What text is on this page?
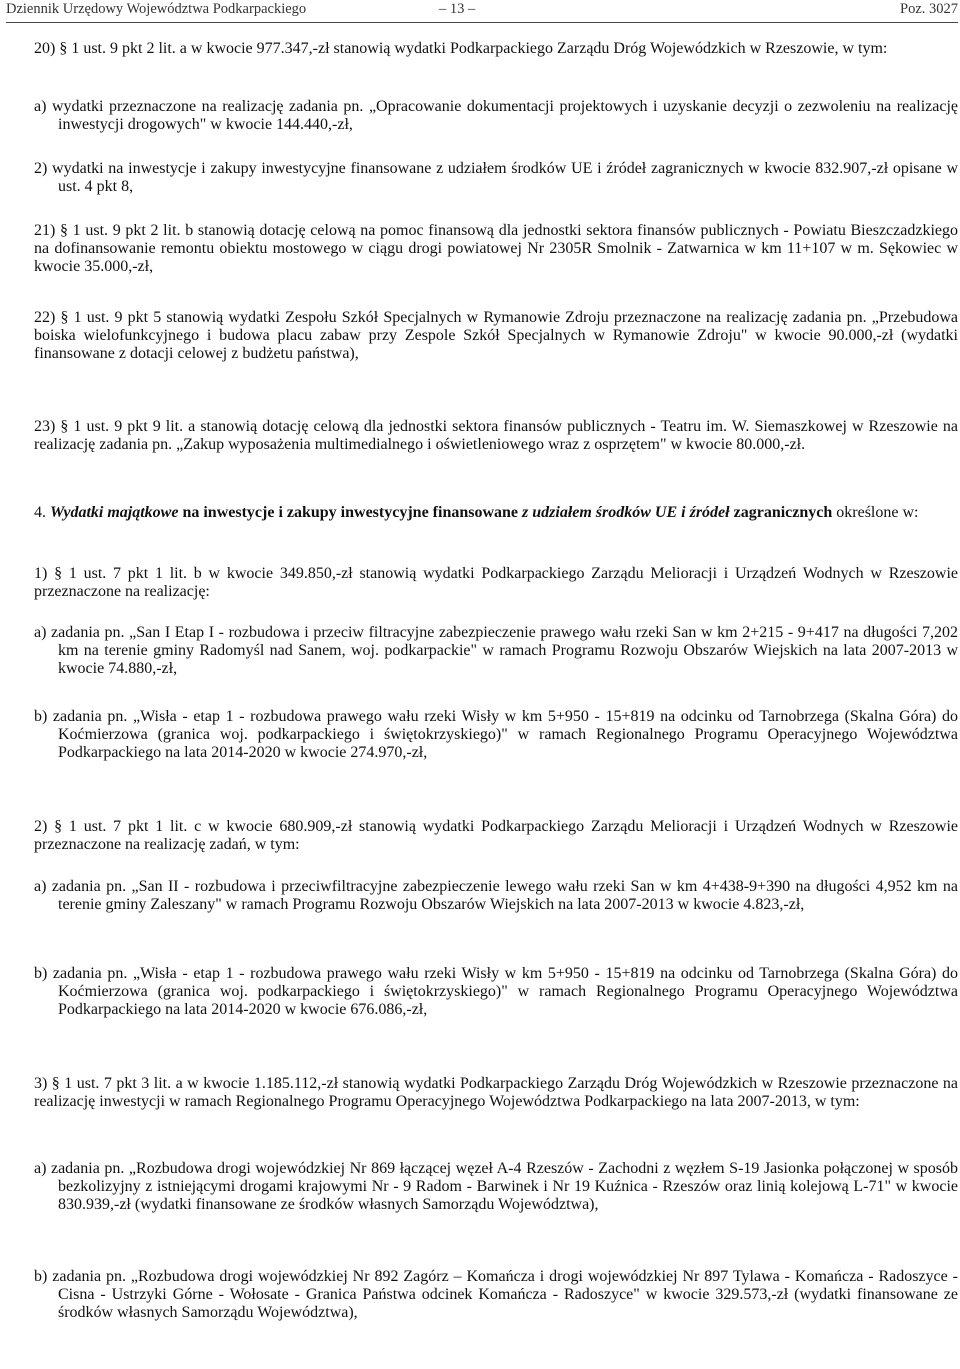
Dziennik Urzędowy Województwa Podkarpackiego	– 13 –	Poz. 3027

20) § 1 ust. 9 pkt 2 lit. a w kwocie 977.347,-zł stanowią wydatki Podkarpackiego Zarządu Dróg Wojewódzkich w Rzeszowie, w tym:

a) wydatki przeznaczone na realizację zadania pn. „Opracowanie dokumentacji projektowych i uzyskanie decyzji o zezwoleniu na realizację inwestycji drogowych" w kwocie 144.440,-zł,

2) wydatki na inwestycje i zakupy inwestycyjne finansowane z udziałem środków UE i źródeł zagranicznych w kwocie 832.907,-zł opisane w ust. 4 pkt 8,

21) § 1 ust. 9 pkt 2 lit. b stanowią dotację celową na pomoc finansową dla jednostki sektora finansów publicznych - Powiatu Bieszczadzkiego na dofinansowanie remontu obiektu mostowego w ciągu drogi powiatowej Nr 2305R Smolnik - Zatwarnica w km 11+107 w m. Sękowiec w kwocie 35.000,-zł,

22) § 1 ust. 9 pkt 5 stanowią wydatki Zespołu Szkół Specjalnych w Rymanowie Zdroju przeznaczone na realizację zadania pn. „Przebudowa boiska wielofunkcyjnego i budowa placu zabaw przy Zespole Szkół Specjalnych w Rymanowie Zdroju" w kwocie 90.000,-zł (wydatki finansowane z dotacji celowej z budżetu państwa),

23) § 1 ust. 9 pkt 9 lit. a stanowią dotację celową dla jednostki sektora finansów publicznych - Teatru im. W. Siemaszkowej w Rzeszowie na realizację zadania pn. „Zakup wyposażenia multimedialnego i oświetleniowego wraz z osprzętem" w kwocie 80.000,-zł.

4. Wydatki majątkowe na inwestycje i zakupy inwestycyjne finansowane z udziałem środków UE i źródeł zagranicznych określone w:

1) § 1 ust. 7 pkt 1 lit. b w kwocie 349.850,-zł stanowią wydatki Podkarpackiego Zarządu Melioracji i Urządzeń Wodnych w Rzeszowie przeznaczone na realizację:

a) zadania pn. „San I Etap I - rozbudowa i przeciw filtracyjne zabezpieczenie prawego wału rzeki San w km 2+215 - 9+417 na długości 7,202 km na terenie gminy Radomyśl nad Sanem, woj. podkarpackie" w ramach Programu Rozwoju Obszarów Wiejskich na lata 2007-2013 w kwocie 74.880,-zł,

b) zadania pn. „Wisła - etap 1 - rozbudowa prawego wału rzeki Wisły w km 5+950 - 15+819 na odcinku od Tarnobrzega (Skalna Góra) do Koćmierzowa (granica woj. podkarpackiego i świętokrzyskiego)" w ramach Regionalnego Programu Operacyjnego Województwa Podkarpackiego na lata 2014-2020 w kwocie 274.970,-zł,

2) § 1 ust. 7 pkt 1 lit. c w kwocie 680.909,-zł stanowią wydatki Podkarpackiego Zarządu Melioracji i Urządzeń Wodnych w Rzeszowie przeznaczone na realizację zadań, w tym:

a) zadania pn. „San II - rozbudowa i przeciwfiltracyjne zabezpieczenie lewego wału rzeki San w km 4+438-9+390 na długości 4,952 km na terenie gminy Zaleszany" w ramach Programu Rozwoju Obszarów Wiejskich na lata 2007-2013 w kwocie 4.823,-zł,

b) zadania pn. „Wisła - etap 1 - rozbudowa prawego wału rzeki Wisły w km 5+950 - 15+819 na odcinku od Tarnobrzega (Skalna Góra) do Koćmierzowa (granica woj. podkarpackiego i świętokrzyskiego)" w ramach Regionalnego Programu Operacyjnego Województwa Podkarpackiego na lata 2014-2020 w kwocie 676.086,-zł,

3) § 1 ust. 7 pkt 3 lit. a w kwocie 1.185.112,-zł stanowią wydatki Podkarpackiego Zarządu Dróg Wojewódzkich w Rzeszowie przeznaczone na realizację inwestycji w ramach Regionalnego Programu Operacyjnego Województwa Podkarpackiego na lata 2007-2013, w tym:

a) zadania pn. „Rozbudowa drogi wojewódzkiej Nr 869 łączącej węzeł A-4 Rzeszów - Zachodni z węzłem S-19 Jasionka połączonej w sposób bezkolizyjny z istniejącymi drogami krajowymi Nr - 9 Radom - Barwinek i Nr 19 Kuźnica - Rzeszów oraz linią kolejową L-71" w kwocie 830.939,-zł (wydatki finansowane ze środków własnych Samorządu Województwa),

b) zadania pn. „Rozbudowa drogi wojewódzkiej Nr 892 Zagórz – Komańcza i drogi wojewódzkiej Nr 897 Tylawa - Komańcza - Radoszyce - Cisna - Ustrzyki Górne - Wołosate - Granica Państwa odcinek Komańcza - Radoszyce" w kwocie 329.573,-zł (wydatki finansowane ze środków własnych Samorządu Województwa),
